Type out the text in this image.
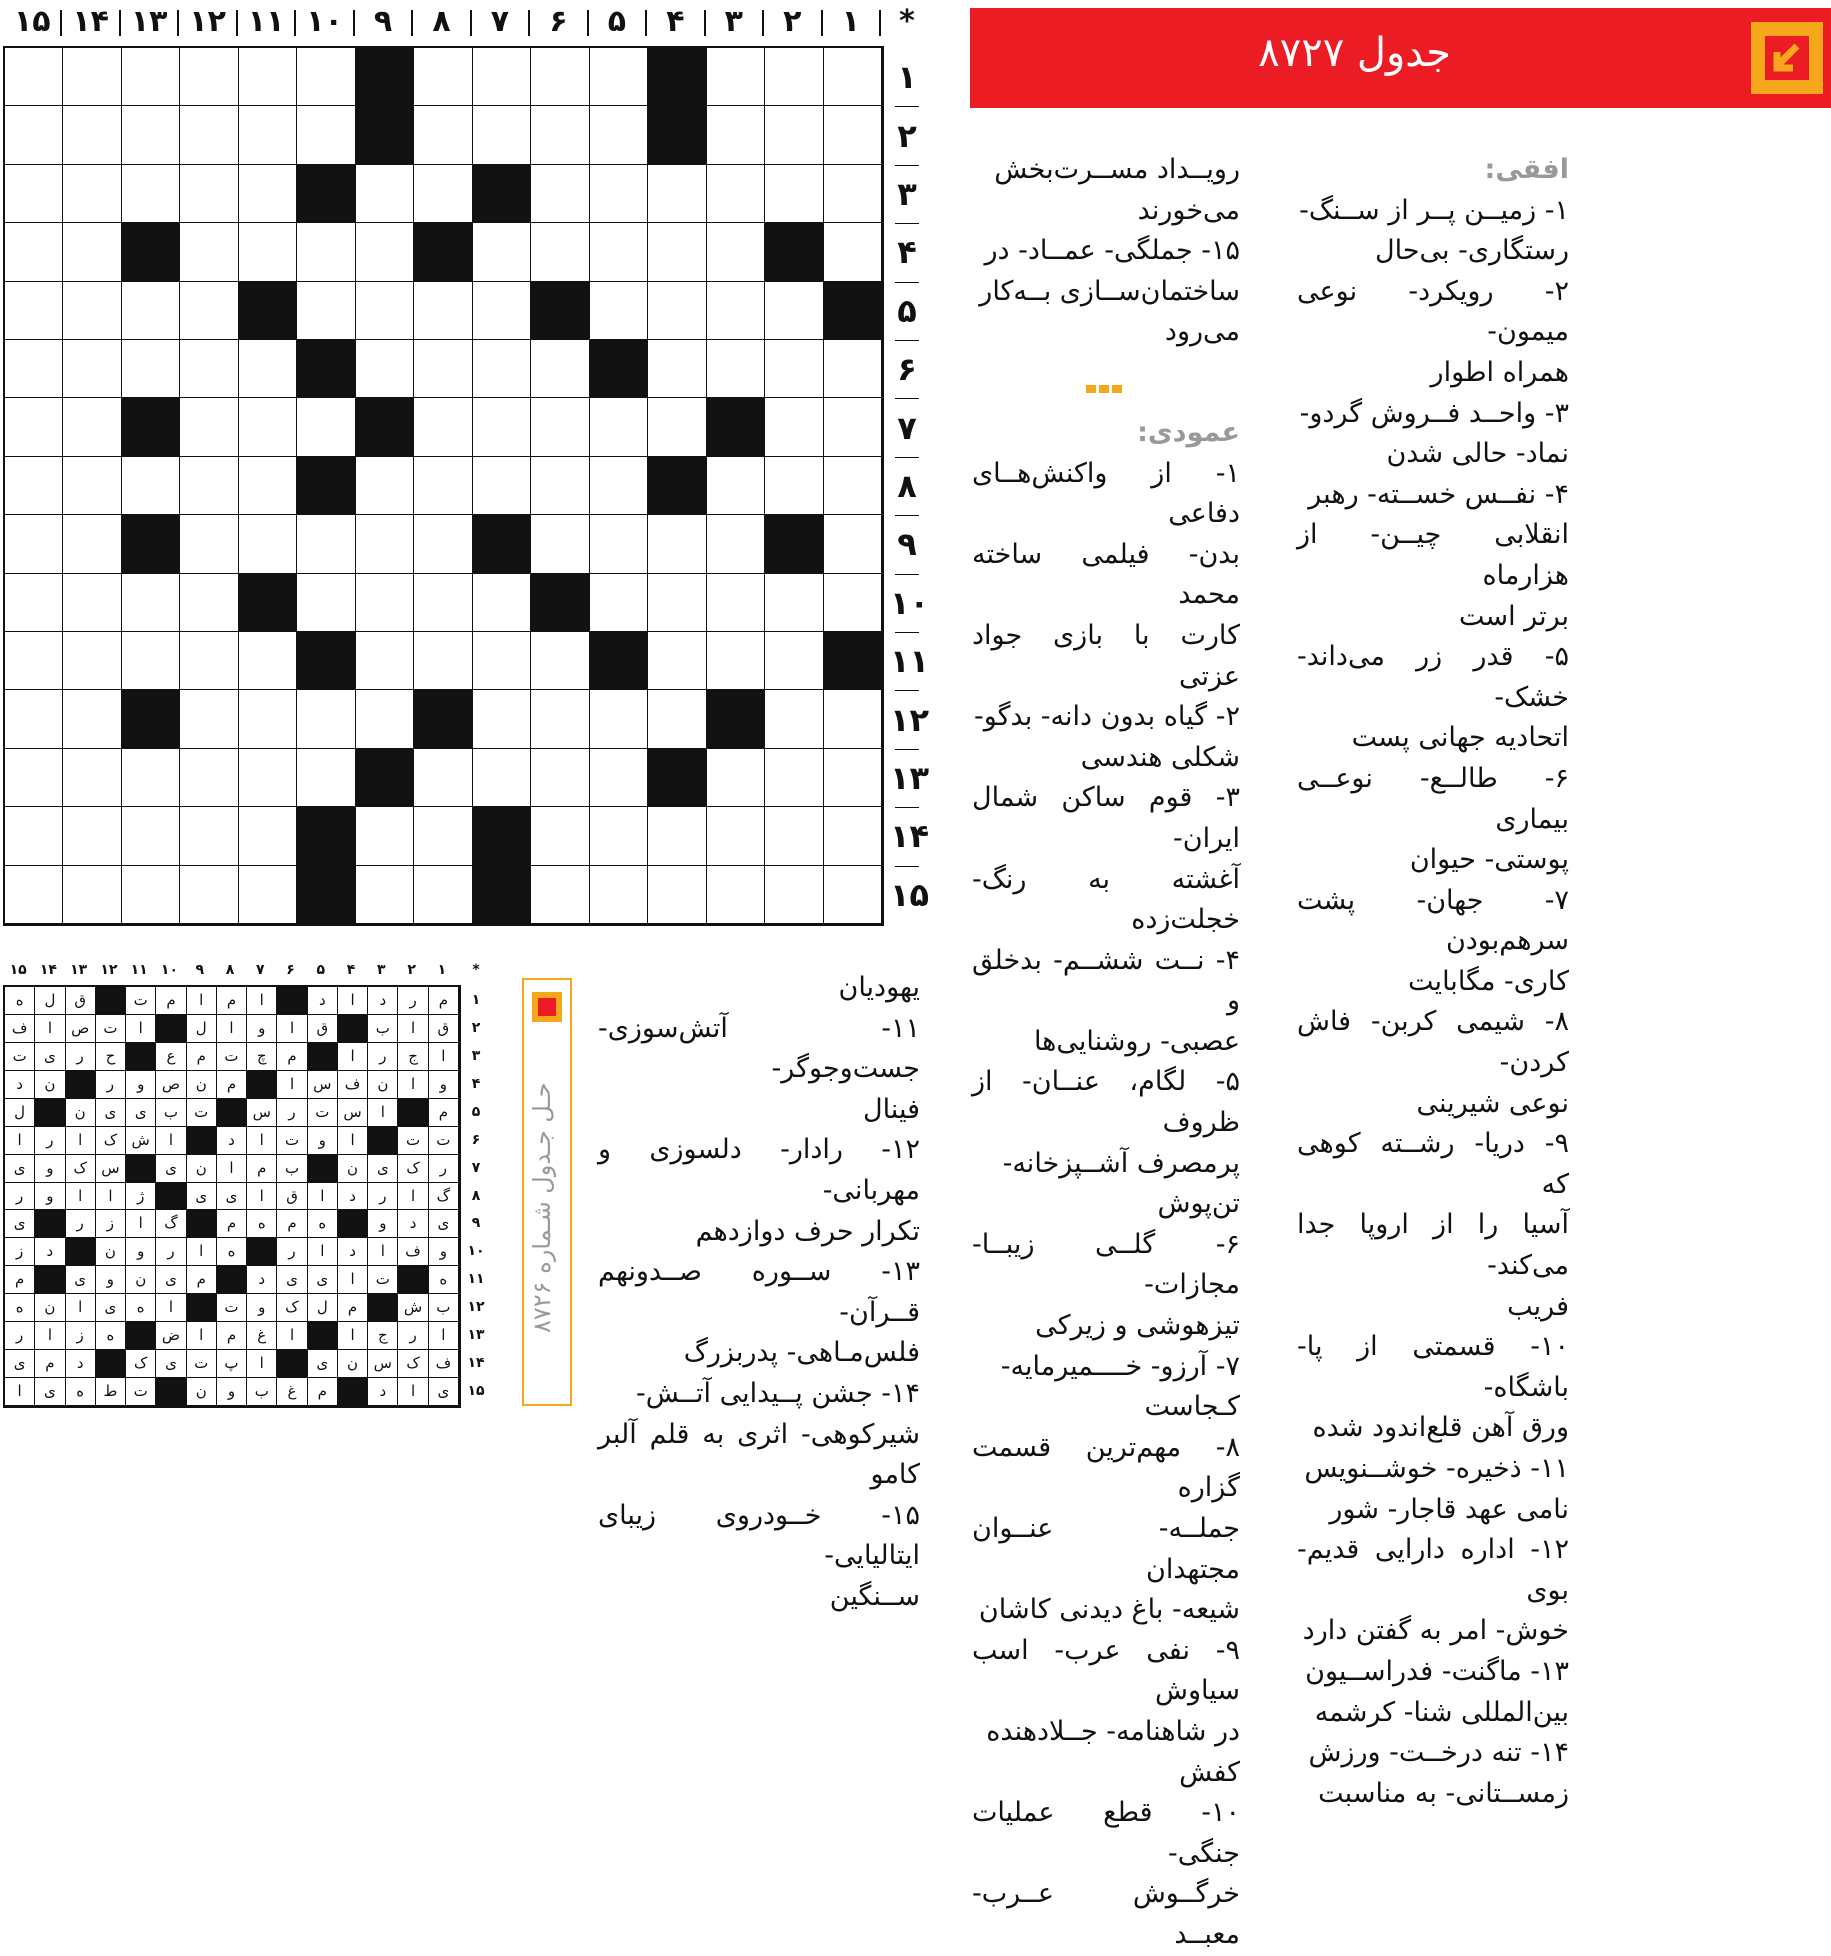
*
۱
۲
۳
۴
۵
۶
۷
۸
۹
۱۰
۱۱
۱۲
۱۳
۱۴
۱۵
۱
۲
۳
۴
۵
۶
۷
۸
۹
۱۰
۱۱
۱۲
۱۳
۱۴
۱۵
جدول ۸۷۲۷
افقی:
۱- زمیــن پــر از ســنگ-
رستگاری- بی‌حال
۲- رویکرد- نوعی میمون-
همراه اطوار
۳- واحــد فــروش گردو-
نماد- حالی شدن
۴- نفــس خســته- رهبر
انقلابی چیــن- از هزارماه
برتر است
۵- قدر زر می‌داند- خشک-
اتحادیه جهانی پست
۶- طالــع- نوعــی بیماری
پوستی- حیوان
۷- جهان- پشت سرهم‌بودن
کاری- مگابایت
۸- شیمی کربن- فاش کردن-
نوعی شیرینی
۹- دریا- رشــته کوهی که
آسیا را از اروپا جدا می‌کند-
فریب
۱۰- قسمتی از پا- باشگاه-
ورق آهن قلع‌اندود شده
۱۱- ذخیره- خوشــنویس
نامی عهد قاجار- شور
۱۲- اداره دارایی قدیم- بوی
خوش- امر به گفتن دارد
۱۳- ماگنت- فدراســیون
بین‌المللی شنا- کرشمه
۱۴- تنه درخــت- ورزش
زمســتانی- به مناسبت
رویــداد مســرت‌بخش
می‌خورند
۱۵- جملگی- عمــاد- در
ساختمان‌ســازی بــه‌کار
می‌رود
عمودی:
۱- از واکنش‌هــای دفاعی
بدن- فیلمی ساخته محمد
کارت با بازی جواد عزتی
۲- گیاه بدون دانه- بدگو-
شکلی هندسی
۳- قوم ساکن شمال ایران-
آغشته به رنگ- خجلت‌زده
۴- نــت ششــم- بدخلق و
عصبی- روشنایی‌ها
۵- لگام، عنــان- از ظروف
پرمصرف آشــپزخانه-
تن‌پوش
۶- گلــی زیبــا- مجازات-
تیزهوشی و زیرکی
۷- آرزو- خــــمیرمایه-
کـجاست
۸- مهم‌ترین قسمت گزاره
جملــه- عنــوان مجتهدان
شیعه- باغ دیدنی کاشان
۹- نفی عرب- اسب سیاوش
در شاهنامه- جــلادهنده
کفش
۱۰- قطع عملیات جنگی-
خرگــوش عــرب- معبــد
یهودیان
۱۱- آتش‌سوزی- جست‌وجوگر-
فینال
۱۲- رادار- دلسوزی و مهربانی-
تکرار حرف دوازدهم
۱۳- ســوره صــدونهم قــرآن-
فلس‌مـاهی- پدربزرگ
۱۴- جشن پــیدایی آتــش-
شیرکوهی- اثری به قلم آلبر کامو
۱۵- خــودروی زیبای ایتالیایی-
ســنگین
م
ر
د
ا
د
ا
م
ا
م
ت
ق
ل
ه
ق
ا
ب
ق
ا
و
ا
ل
ا
ت
ص
ا
ف
ا
ج
ر
ا
م
چ
ت
م
ع
ح
ر
ی
ت
و
ا
ن
ف
س
ا
م
ن
ص
و
ر
ن
د
م
ا
س
ت
ر
س
ت
ب
ی
ی
ن
ل
ت
ت
ا
و
ت
ا
د
ا
ش
ک
ا
ر
ا
ر
ک
ی
ن
ب
م
ا
ن
ی
س
ک
و
ی
گ
ا
ر
د
ا
ق
ا
ی
ی
ژ
ا
ا
و
ر
ی
د
و
ه
م
ه
م
گ
ا
ز
ر
ی
و
ف
ا
د
ا
ر
ه
ا
ر
و
ن
د
ز
ه
ت
ا
ی
ی
د
م
ی
ن
و
ی
م
ب
ش
م
ل
ک
و
ت
ا
ه
ی
ا
ن
ه
ا
ر
ج
ا
ا
غ
م
ا
ض
ه
ز
ا
ر
ف
ک
س
ن
ی
ا
پ
ت
ی
ک
د
م
ی
ی
ا
د
م
غ
ب
و
ن
ت
ط
ه
ی
ا
*
۱
۲
۳
۴
۵
۶
۷
۸
۹
۱۰
۱۱
۱۲
۱۳
۱۴
۱۵
۱
۲
۳
۴
۵
۶
۷
۸
۹
۱۰
۱۱
۱۲
۱۳
۱۴
۱۵
حـل جـدول شـماره ۸۷۲۶
